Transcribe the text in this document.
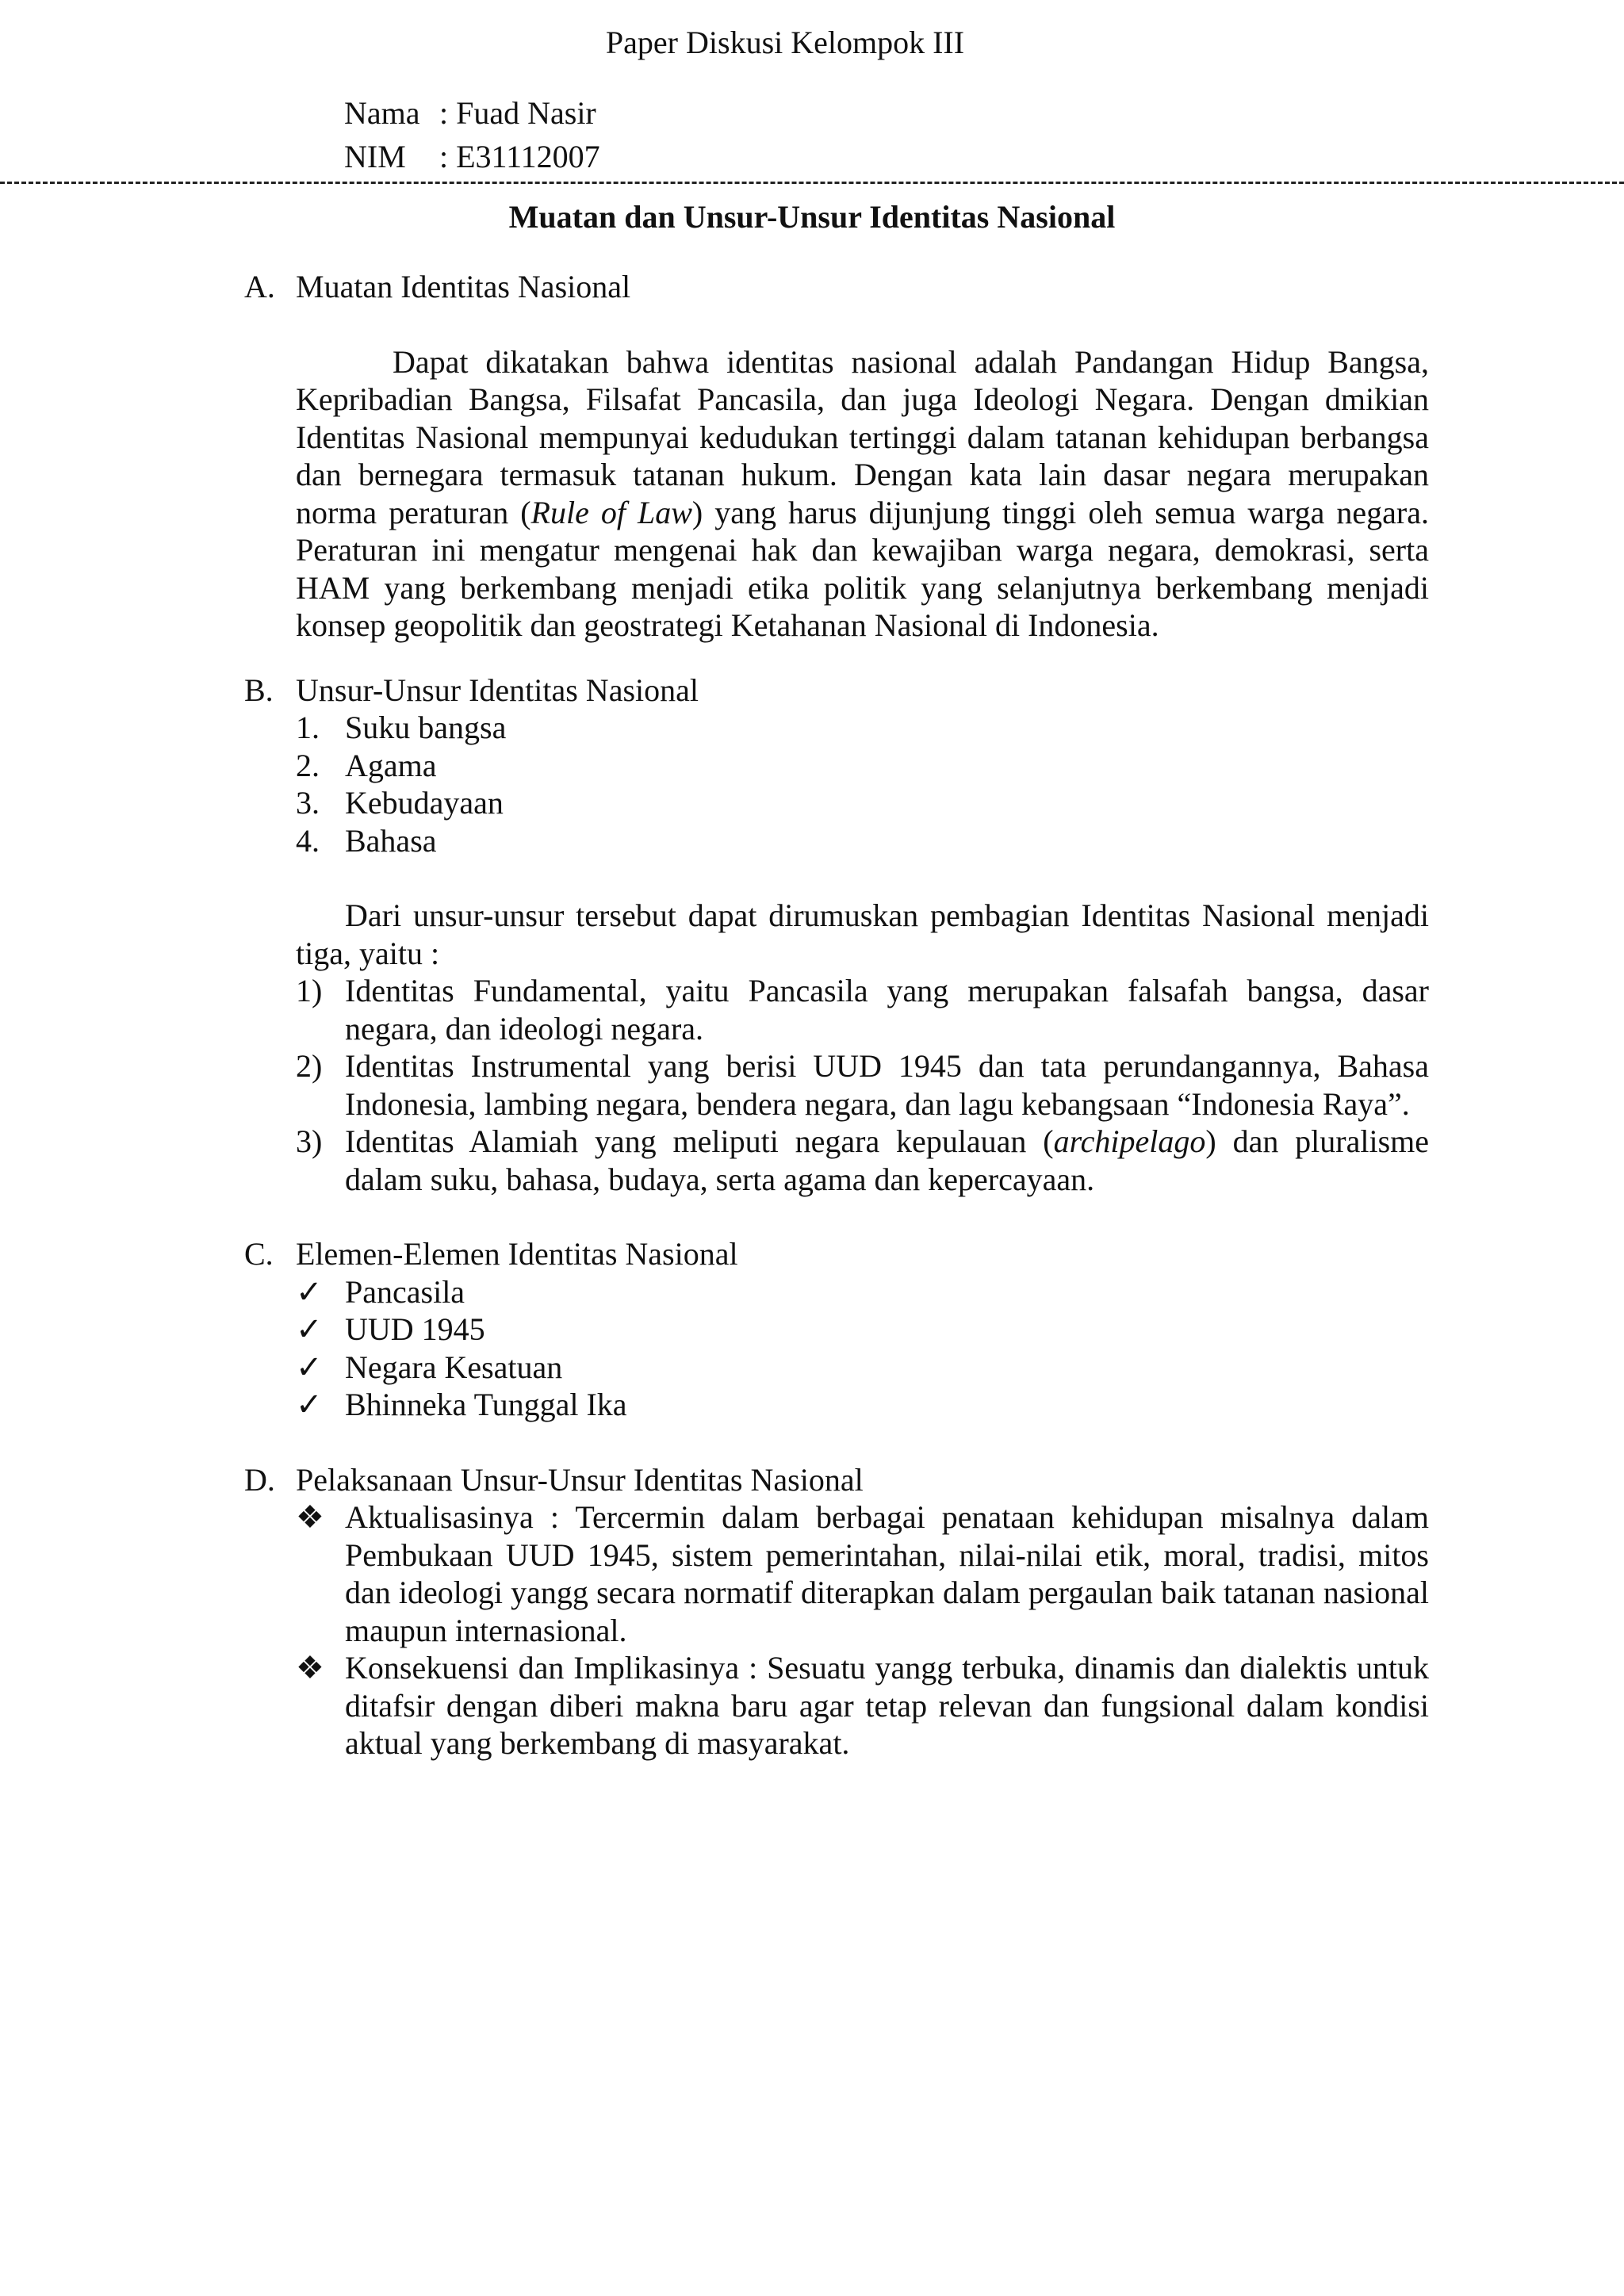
Paper Diskusi Kelompok III
Nama : Fuad Nasir
NIM : E31112007
Muatan dan Unsur-Unsur Identitas Nasional
A. Muatan Identitas Nasional
Dapat dikatakan bahwa identitas nasional adalah Pandangan Hidup Bangsa, Kepribadian Bangsa, Filsafat Pancasila, dan juga Ideologi Negara. Dengan dmikian Identitas Nasional mempunyai kedudukan tertinggi dalam tatanan kehidupan berbangsa dan bernegara termasuk tatanan hukum. Dengan kata lain dasar negara merupakan norma peraturan (Rule of Law) yang harus dijunjung tinggi oleh semua warga negara. Peraturan ini mengatur mengenai hak dan kewajiban warga negara, demokrasi, serta HAM yang berkembang menjadi etika politik yang selanjutnya berkembang menjadi konsep geopolitik dan geostrategi Ketahanan Nasional di Indonesia.
B. Unsur-Unsur Identitas Nasional
1. Suku bangsa
2. Agama
3. Kebudayaan
4. Bahasa
Dari unsur-unsur tersebut dapat dirumuskan pembagian Identitas Nasional menjadi tiga, yaitu :
1) Identitas Fundamental, yaitu Pancasila yang merupakan falsafah bangsa, dasar negara, dan ideologi negara.
2) Identitas Instrumental yang berisi UUD 1945 dan tata perundangannya, Bahasa Indonesia, lambing negara, bendera negara, dan lagu kebangsaan “Indonesia Raya”.
3) Identitas Alamiah yang meliputi negara kepulauan (archipelago) dan pluralisme dalam suku, bahasa, budaya, serta agama dan kepercayaan.
C. Elemen-Elemen Identitas Nasional
✓ Pancasila
✓ UUD 1945
✓ Negara Kesatuan
✓ Bhinneka Tunggal Ika
D. Pelaksanaan Unsur-Unsur Identitas Nasional
❖ Aktualisasinya : Tercermin dalam berbagai penataan kehidupan misalnya dalam Pembukaan UUD 1945, sistem pemerintahan, nilai-nilai etik, moral, tradisi, mitos dan ideologi yangg secara normatif diterapkan dalam pergaulan baik tatanan nasional maupun internasional.
❖ Konsekuensi dan Implikasinya : Sesuatu yangg terbuka, dinamis dan dialektis untuk ditafsir dengan diberi makna baru agar tetap relevan dan fungsional dalam kondisi aktual yang berkembang di masyarakat.
